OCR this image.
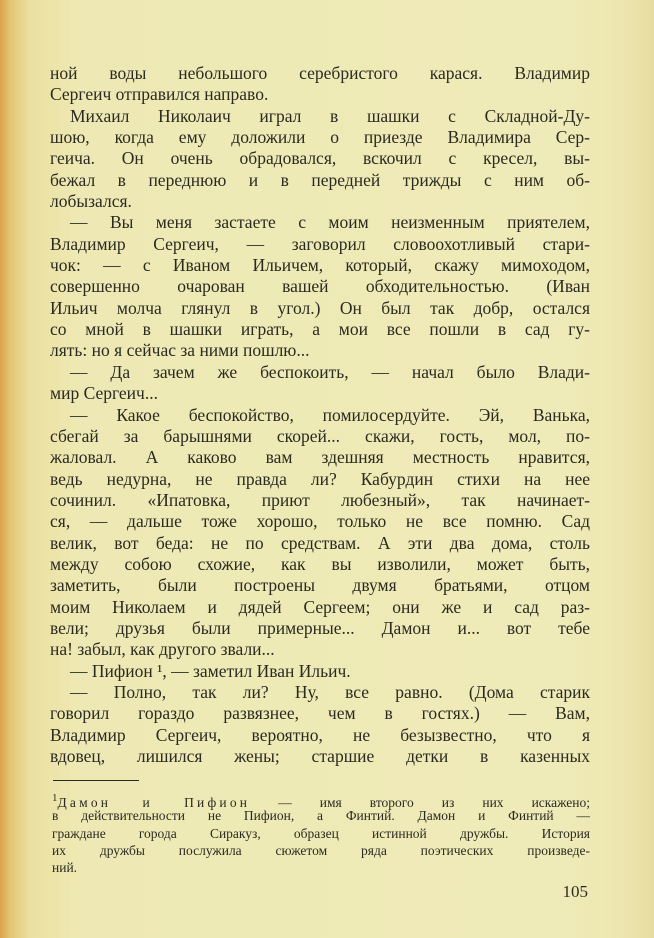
ной воды небольшого серебристого карася. Владимир
Сергеич отправился направо.
Михаил Николаич играл в шашки с Складной-Ду-
шою, когда ему доложили о приезде Владимира Сер-
геича. Он очень обрадовался, вскочил с кресел, вы-
бежал в переднюю и в передней трижды с ним об-
лобызался.
— Вы меня застаете с моим неизменным приятелем,
Владимир Сергеич, — заговорил словоохотливый стари-
чок: — с Иваном Ильичем, который, скажу мимоходом,
совершенно очарован вашей обходительностью. (Иван
Ильич молча глянул в угол.) Он был так добр, остался
со мной в шашки играть, а мои все пошли в сад гу-
лять: но я сейчас за ними пошлю...
— Да зачем же беспокоить, — начал было Влади-
мир Сергеич...
— Какое беспокойство, помилосердуйте. Эй, Ванька,
сбегай за барышнями скорей... скажи, гость, мол, по-
жаловал. А каково вам здешняя местность нравится,
ведь недурна, не правда ли? Кабурдин стихи на нее
сочинил. «Ипатовка, приют любезный», так начинает-
ся, — дальше тоже хорошо, только не все помню. Сад
велик, вот беда: не по средствам. А эти два дома, столь
между собою схожие, как вы изволили, может быть,
заметить, были построены двумя братьями, отцом
моим Николаем и дядей Сергеем; они же и сад раз-
вели; друзья были примерные... Дамон и... вот тебе
на! забыл, как другого звали...
— Пифион ¹, — заметил Иван Ильич.
— Полно, так ли? Ну, все равно. (Дома старик
говорил гораздо развязнее, чем в гостях.) — Вам,
Владимир Сергеич, вероятно, не безызвестно, что я
вдовец, лишился жены; старшие детки в казенных
$^1$Дамон и Пифион — имя второго из них искажено;
в действительности не Пифион, а Финтий. Дамон и Финтий —
граждане города Сиракуз, образец истинной дружбы. История
их дружбы послужила сюжетом ряда поэтических произведе-
ний.
105
